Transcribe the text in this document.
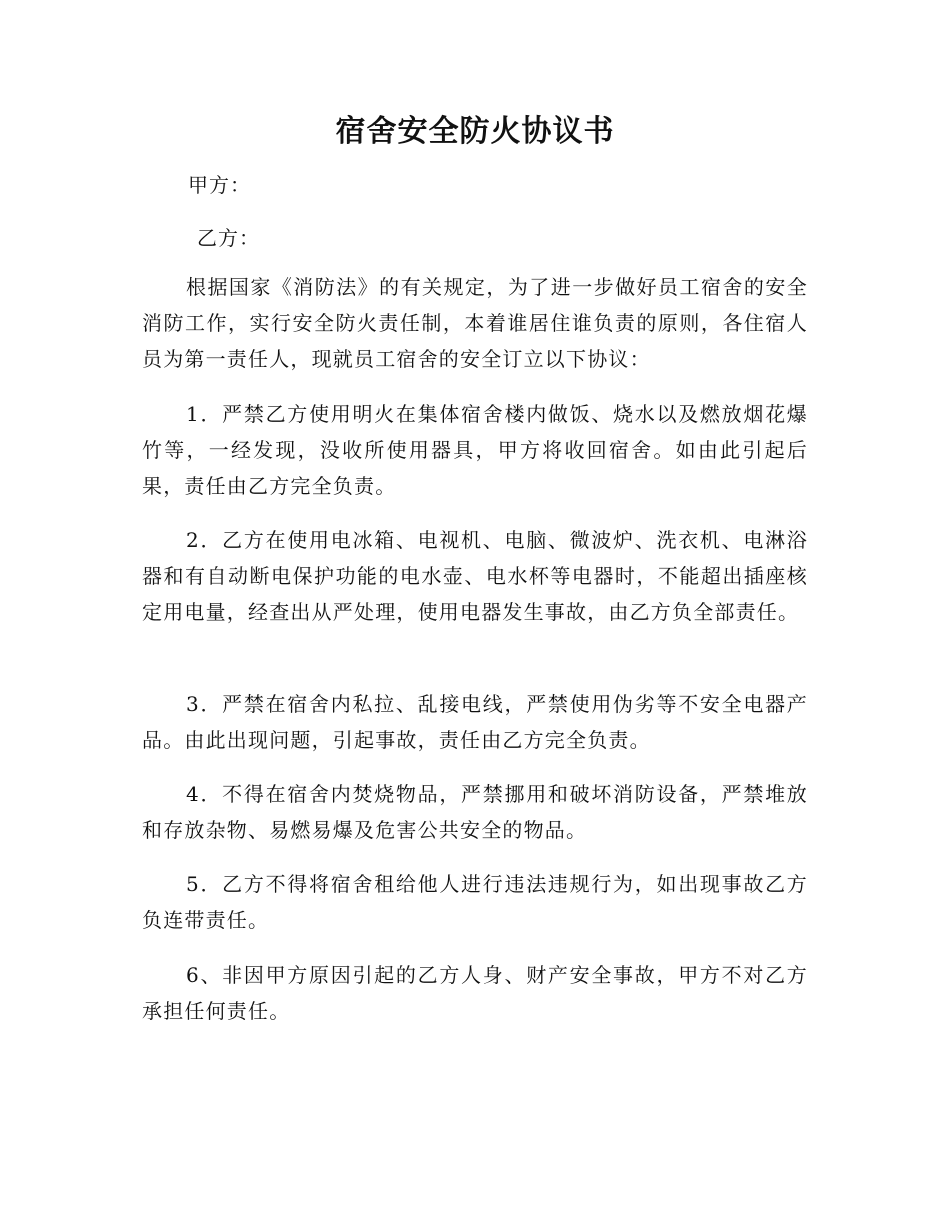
宿舍安全防火协议书
甲方：
乙方：

根据国家《消防法》的有关规定，为了进一步做好员工宿舍的安全消防工作，实行安全防火责任制，本着谁居住谁负责的原则，各住宿人员为第一责任人，现就员工宿舍的安全订立以下协议：

1．严禁乙方使用明火在集体宿舍楼内做饭、烧水以及燃放烟花爆竹等，一经发现，没收所使用器具，甲方将收回宿舍。如由此引起后果，责任由乙方完全负责。

2．乙方在使用电冰箱、电视机、电脑、微波炉、洗衣机、电淋浴器和有自动断电保护功能的电水壶、电水杯等电器时，不能超出插座核定用电量，经查出从严处理，使用电器发生事故，由乙方负全部责任。

3．严禁在宿舍内私拉、乱接电线，严禁使用伪劣等不安全电器产品。由此出现问题，引起事故，责任由乙方完全负责。

4．不得在宿舍内焚烧物品，严禁挪用和破坏消防设备，严禁堆放和存放杂物、易燃易爆及危害公共安全的物品。

5．乙方不得将宿舍租给他人进行违法违规行为，如出现事故乙方负连带责任。

6、非因甲方原因引起的乙方人身、财产安全事故，甲方不对乙方承担任何责任。
